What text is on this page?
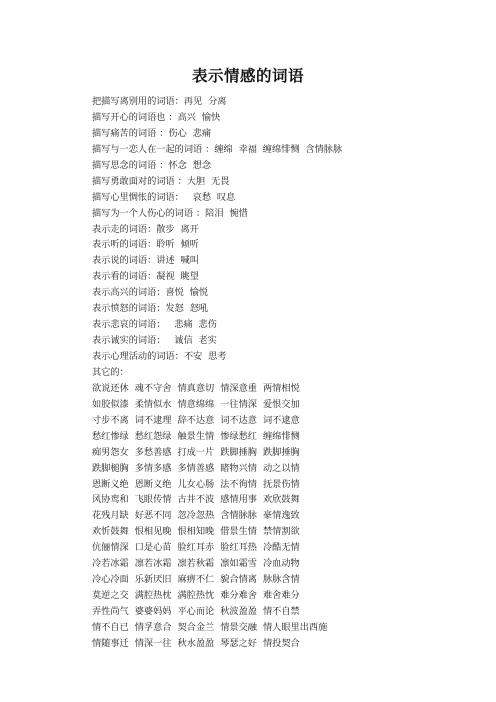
表示情感的词语
把描写离别用的词语：再见  分离
描写开心的词语也 ：高兴  愉快
描写痛苦的词语 ：伤心  悲痛
描写与一恋人在一起的词语 ：缠绵  幸福  缠绵悱恻  含情脉脉
描写思念的词语 ：怀念  想念
描写勇敢面对的词语 ：大胆  无畏
描写心里惆怅的词语：   哀愁  叹息
描写为一个人伤心的词语 ：陪泪  惋惜
表示走的词语：散步  离开
表示听的词语：聆听  倾听
表示说的词语：讲述  喊叫
表示看的词语：凝视  眺望
表示高兴的词语：喜悦  愉悦
表示愤怒的词语：发怒  怒吼
表示悲哀的词语：   悲痛  悲伤
表示诚实的词语：   诚信  老实
表示心理活动的词语：不安  思考
其它的：
欲说还休 魂不守舍 情真意切 情深意重 两情相悦
如胶似漆 柔情似水 情意绵绵 一往情深 爱恨交加
寸步不离 词不逮理 辞不达意 词不达意 词不逮意
愁红惨绿 愁红怨绿 触景生情 惨绿愁红 缠绵悱恻
痴男怨女 多愁善感 打成一片 跌脚捶胸 跌脚捶胸
跌脚槌胸 多情多感 多情善感 睹物兴情 动之以情
恩断义绝 恩断义绝 儿女心肠 法不徇情 抚景伤情
风协鸾和 飞眼传情 古井不波 感情用事 欢欣鼓舞
花残月缺 好恶不同 忽冷忽热 含情脉脉 豪情逸致
欢忻鼓舞 恨相见晚 恨相知晚 借景生情 禁情割欲
伉俪情深 口是心苗 脸红耳赤 脸红耳热 冷酷无情
冷若冰霜 凛若冰霜 凛若秋霜 凛如霜雪 冷血动物
冷心冷面 乐新厌旧 麻痹不仁 貌合情离 脉脉含情
莫逆之交 满腔热枕 满腔热忱 难分难舍 难舍难分
弄性尚气 婆婆妈妈 平心而论 秋波盈盈 情不自禁
情不自已 情孚意合 契合金兰 情景交融 情人眼里出西施
情随事迁 情深一往 秋水盈盈 琴瑟之好 情投契合
